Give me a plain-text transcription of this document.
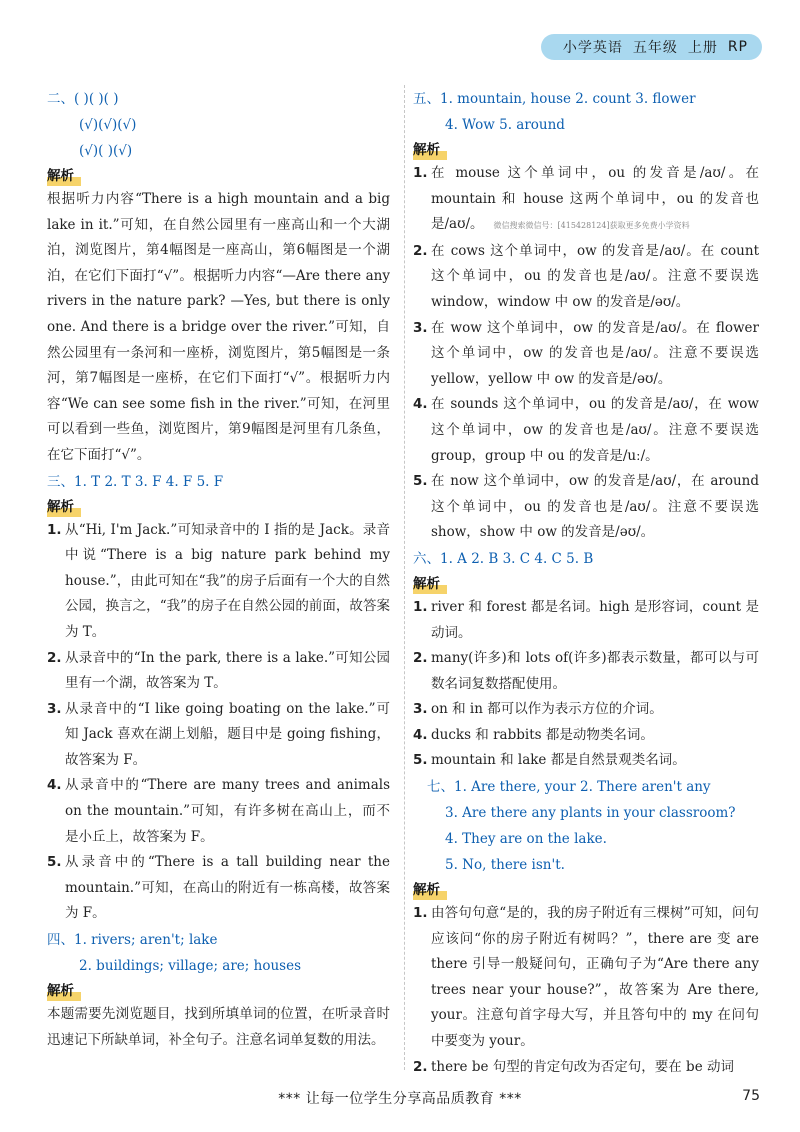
小学英语 五年级 上册 RP
二、( )( )( )
(√)(√)(√)
(√)( )(√)
解析
根据听力内容“There is a high mountain and a big lake in it.”可知，在自然公园里有一座高山和一个大湖泊，浏览图片，第4幅图是一座高山，第6幅图是一个湖泊，在它们下面打“√”。根据听力内容“—Are there any rivers in the nature park? —Yes, but there is only one. And there is a bridge over the river.”可知，自然公园里有一条河和一座桥，浏览图片，第5幅图是一条河，第7幅图是一座桥，在它们下面打“√”。根据听力内容“We can see some fish in the river.”可知，在河里可以看到一些鱼，浏览图片，第9幅图是河里有几条鱼，在它下面打“√”。
三、1. T 2. T 3. F 4. F 5. F
解析
1. 从“Hi, I'm Jack.”可知录音中的 I 指的是 Jack。录音中说“There is a big nature park behind my house.”，由此可知在“我”的房子后面有一个大的自然公园，换言之，“我”的房子在自然公园的前面，故答案为 T。
2. 从录音中的“In the park, there is a lake.”可知公园里有一个湖，故答案为 T。
3. 从录音中的“I like going boating on the lake.”可知 Jack 喜欢在湖上划船，题目中是 going fishing，故答案为 F。
4. 从录音中的“There are many trees and animals on the mountain.”可知，有许多树在高山上，而不是小丘上，故答案为 F。
5. 从录音中的“There is a tall building near the mountain.”可知，在高山的附近有一栋高楼，故答案为 F。
四、1. rivers; aren't; lake
2. buildings; village; are; houses
解析
本题需要先浏览题目，找到所填单词的位置，在听录音时迅速记下所缺单词，补全句子。注意名词单复数的用法。
五、1. mountain, house 2. count 3. flower
4. Wow 5. around
解析
1. 在 mouse 这个单词中，ou 的发音是/aʊ/。在 mountain 和 house 这两个单词中，ou 的发音也是/aʊ/。 微信搜索微信号：[415428124]获取更多免费小学资料
2. 在 cows 这个单词中，ow 的发音是/aʊ/。在 count 这个单词中，ou 的发音也是/aʊ/。注意不要误选 window，window 中 ow 的发音是/əʊ/。
3. 在 wow 这个单词中，ow 的发音是/aʊ/。在 flower 这个单词中，ow 的发音也是/aʊ/。注意不要误选 yellow，yellow 中 ow 的发音是/əʊ/。
4. 在 sounds 这个单词中，ou 的发音是/aʊ/，在 wow 这个单词中，ow 的发音也是/aʊ/。注意不要误选 group，group 中 ou 的发音是/uː/。
5. 在 now 这个单词中，ow 的发音是/aʊ/，在 around 这个单词中，ou 的发音也是/aʊ/。注意不要误选 show，show 中 ow 的发音是/əʊ/。
六、1. A 2. B 3. C 4. C 5. B
解析
1. river 和 forest 都是名词。high 是形容词，count 是动词。
2. many(许多)和 lots of(许多)都表示数量，都可以与可数名词复数搭配使用。
3. on 和 in 都可以作为表示方位的介词。
4. ducks 和 rabbits 都是动物类名词。
5. mountain 和 lake 都是自然景观类名词。
七、1. Are there, your 2. There aren't any
3. Are there any plants in your classroom?
4. They are on the lake.
5. No, there isn't.
解析
1. 由答句句意“是的，我的房子附近有三棵树”可知，问句应该问“你的房子附近有树吗？”，there are 变 are there 引导一般疑问句，正确句子为“Are there any trees near your house?”，故答案为 Are there, your。注意句首字母大写，并且答句中的 my 在问句中要变为 your。
2. there be 句型的肯定句改为否定句，要在 be 动词
*** 让每一位学生分享高品质教育 ***	75
